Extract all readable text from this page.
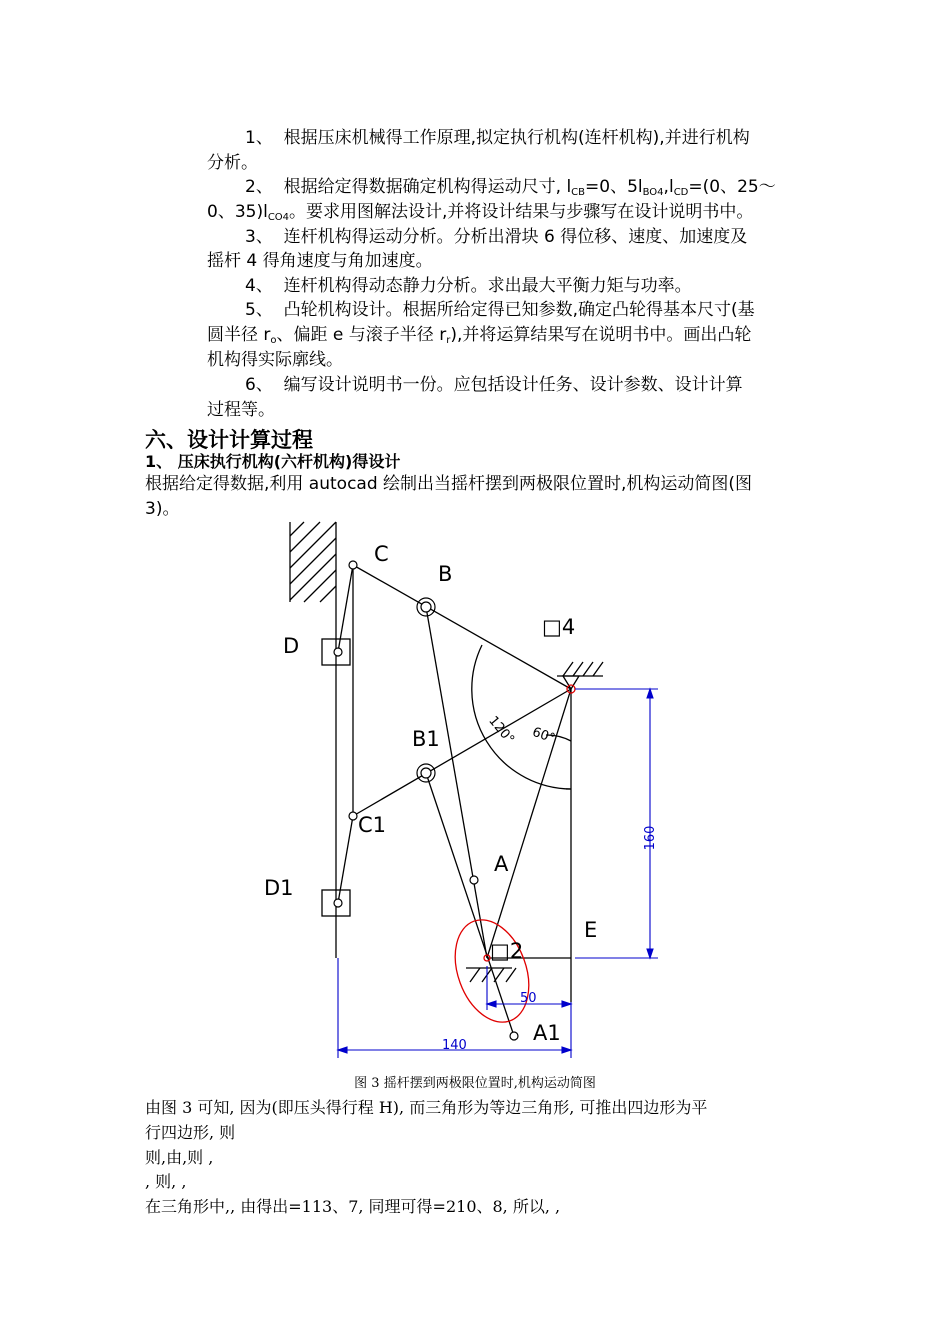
1、 根据压床机械得工作原理,拟定执行机构(连杆机构),并进行机构
分析。
2、 根据给定得数据确定机构得运动尺寸, lCB=0、5lBO4,lCD=(0、25～
0、35)lCO4。要求用图解法设计,并将设计结果与步骤写在设计说明书中。
3、 连杆机构得运动分析。分析出滑块 6 得位移、速度、加速度及
摇杆 4 得角速度与角加速度。
4、 连杆机构得动态静力分析。求出最大平衡力矩与功率。
5、 凸轮机构设计。根据所给定得已知参数,确定凸轮得基本尺寸(基
圆半径 ro、偏距 e 与滚子半径 rr),并将运算结果写在说明书中。画出凸轮
机构得实际廓线。
6、 编写设计说明书一份。应包括设计任务、设计参数、设计计算
过程等。
六、设计计算过程
1、 压床执行机构(六杆机构)得设计
根据给定得数据,利用 autocad 绘制出当摇杆摆到两极限位置时,机构运动简图(图
3)。
C
B
□4
D
B1
C1
D1
A
E
□2
A1
120° 60°
160
50
140
图 3 摇杆摆到两极限位置时,机构运动简图
由图 3 可知, 因为(即压头得行程 H), 而三角形为等边三角形, 可推出四边形为平
行四边形, 则
则,由,则 ,
, 则, ,
在三角形中,, 由得出=113、7, 同理可得=210、8, 所以, ,
